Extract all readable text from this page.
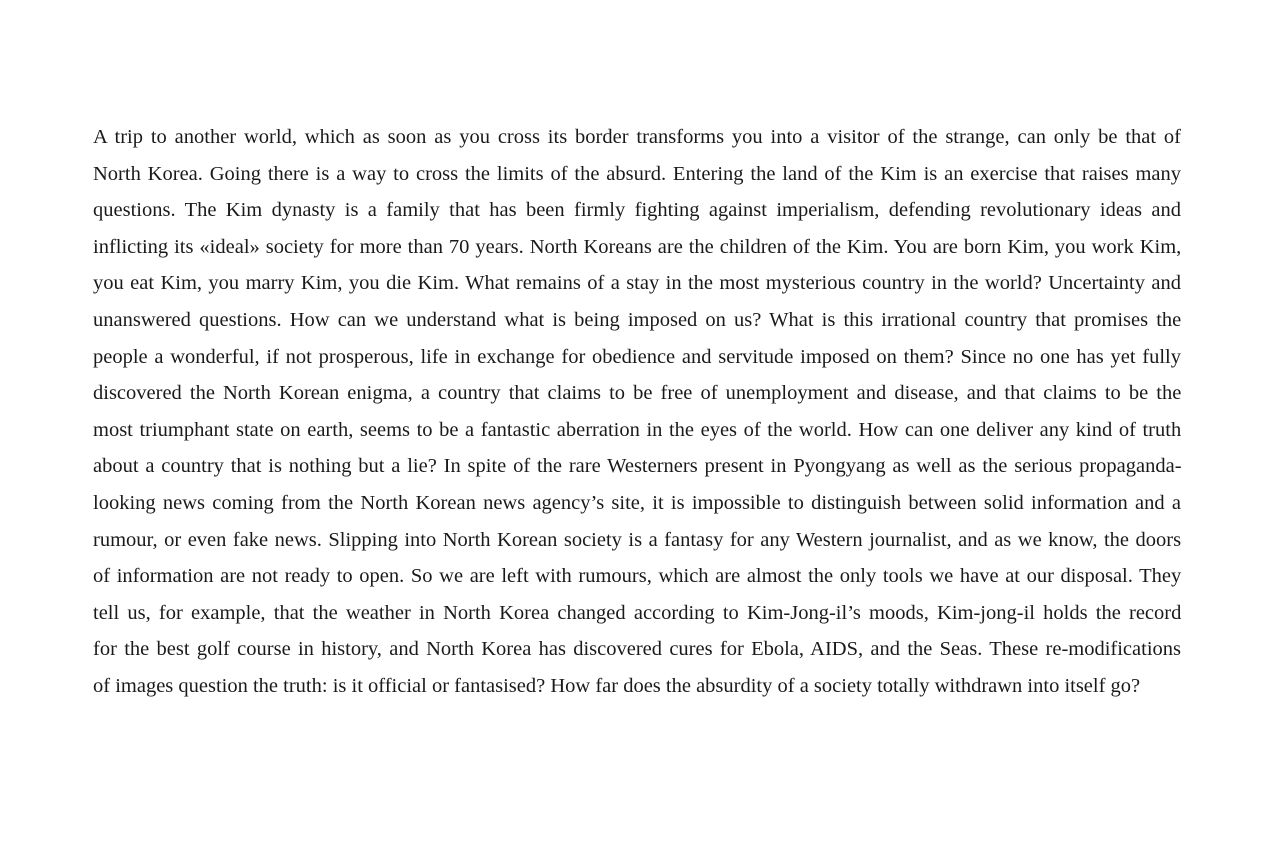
A trip to another world, which as soon as you cross its border transforms you into a visitor of the strange, can only be that of
North Korea. Going there is a way to cross the limits of the absurd. Entering the land of the Kim is an exercise that raises many
questions. The Kim dynasty is a family that has been firmly fighting against imperialism, defending revolutionary ideas and
inflicting its «ideal» society for more than 70 years. North Koreans are the children of the Kim. You are born Kim, you work Kim,
you eat Kim, you marry Kim, you die Kim. What remains of a stay in the most mysterious country in the world? Uncertainty and
unanswered questions. How can we understand what is being imposed on us? What is this irrational country that promises the
people a wonderful, if not prosperous, life in exchange for obedience and servitude imposed on them? Since no one has yet fully
discovered the North Korean enigma, a country that claims to be free of unemployment and disease, and that claims to be the
most triumphant state on earth, seems to be a fantastic aberration in the eyes of the world. How can one deliver any kind of truth
about a country that is nothing but a lie? In spite of the rare Westerners present in Pyongyang as well as the serious propaganda-
looking news coming from the North Korean news agency’s site, it is impossible to distinguish between solid information and a
rumour, or even fake news. Slipping into North Korean society is a fantasy for any Western journalist, and as we know, the doors
of information are not ready to open. So we are left with rumours, which are almost the only tools we have at our disposal. They
tell us, for example, that the weather in North Korea changed according to Kim-Jong-il’s moods, Kim-jong-il holds the record
for the best golf course in history, and North Korea has discovered cures for Ebola, AIDS, and the Seas. These re-modifications
of images question the truth: is it official or fantasised? How far does the absurdity of a society totally withdrawn into itself go?
